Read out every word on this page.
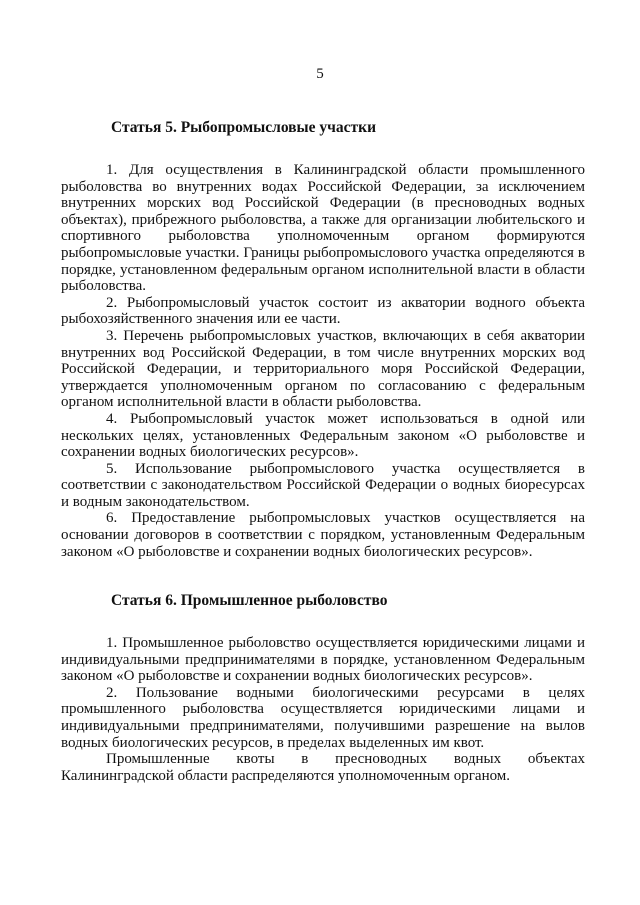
5
Статья 5. Рыбопромысловые участки

1. Для осуществления в Калининградской области промышленного рыболовства во внутренних водах Российской Федерации, за исключением внутренних морских вод Российской Федерации (в пресноводных водных объектах), прибрежного рыболовства, а также для организации любительского и спортивного рыболовства уполномоченным органом формируются рыбопромысловые участки. Границы рыбопромыслового участка определяются в порядке, установленном федеральным органом исполнительной власти в области рыболовства.

2. Рыбопромысловый участок состоит из акватории водного объекта рыбохозяйственного значения или ее части.

3. Перечень рыбопромысловых участков, включающих в себя акватории внутренних вод Российской Федерации, в том числе внутренних морских вод Российской Федерации, и территориального моря Российской Федерации, утверждается уполномоченным органом по согласованию с федеральным органом исполнительной власти в области рыболовства.

4. Рыбопромысловый участок может использоваться в одной или нескольких целях, установленных Федеральным законом «О рыболовстве и сохранении водных биологических ресурсов».

5. Использование рыбопромыслового участка осуществляется в соответствии с законодательством Российской Федерации о водных биоресурсах и водным законодательством.

6. Предоставление рыбопромысловых участков осуществляется на основании договоров в соответствии с порядком, установленным Федеральным законом «О рыболовстве и сохранении водных биологических ресурсов».

Статья 6. Промышленное рыболовство

1. Промышленное рыболовство осуществляется юридическими лицами и индивидуальными предпринимателями в порядке, установленном Федеральным законом «О рыболовстве и сохранении водных биологических ресурсов».

2. Пользование водными биологическими ресурсами в целях промышленного рыболовства осуществляется юридическими лицами и индивидуальными предпринимателями, получившими разрешение на вылов водных биологических ресурсов, в пределах выделенных им квот.

Промышленные квоты в пресноводных водных объектах Калининградской области распределяются уполномоченным органом.
